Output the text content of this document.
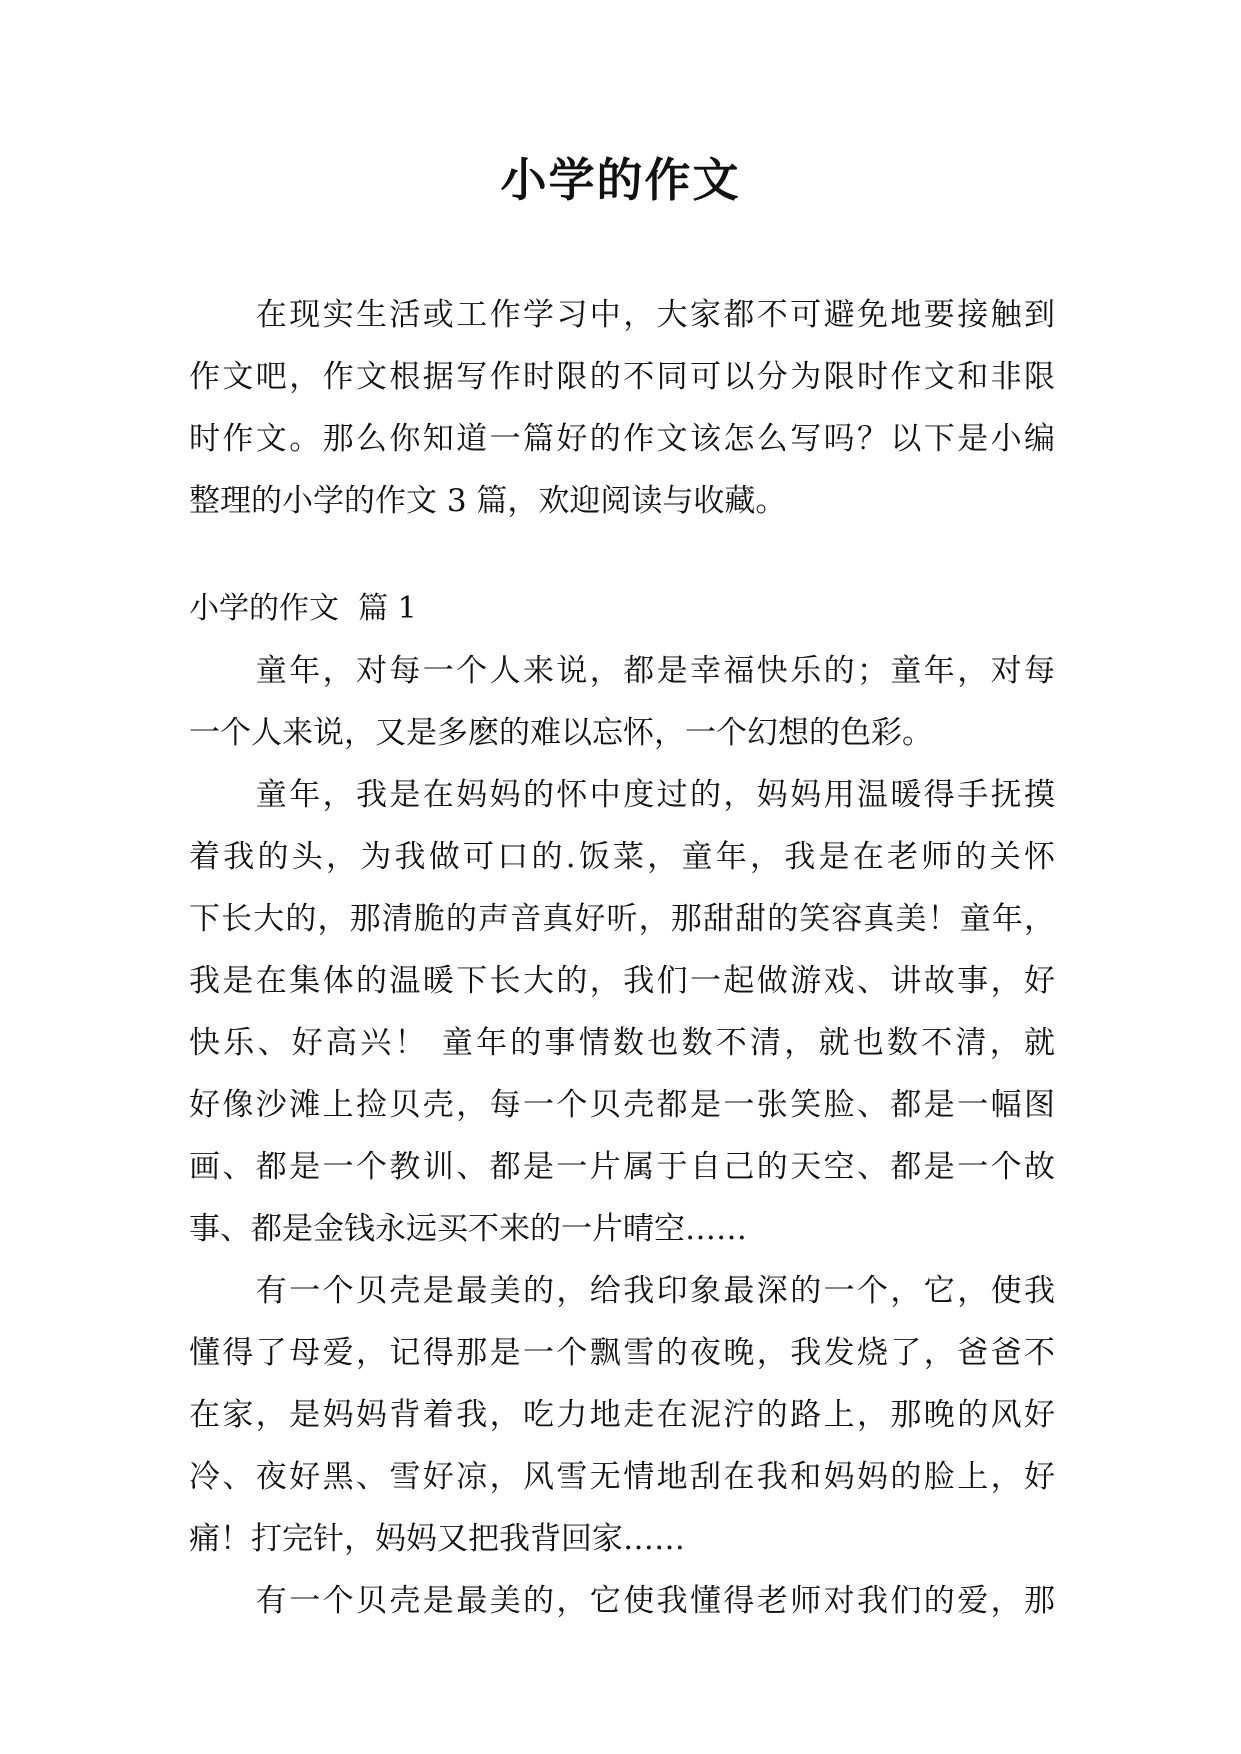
小学的作文
　　在现实生活或工作学习中，大家都不可避免地要接触到
作文吧，作文根据写作时限的不同可以分为限时作文和非限
时作文。那么你知道一篇好的作文该怎么写吗？以下是小编
整理的小学的作文 3 篇，欢迎阅读与收藏。
小学的作文  篇 1
　　童年，对每一个人来说，都是幸福快乐的；童年，对每
一个人来说，又是多麽的难以忘怀，一个幻想的色彩。
　　童年，我是在妈妈的怀中度过的，妈妈用温暖得手抚摸
着我的头，为我做可口的.饭菜，童年，我是在老师的关怀
下长大的，那清脆的声音真好听，那甜甜的笑容真美！童年，
我是在集体的温暖下长大的，我们一起做游戏、讲故事，好
快乐、好高兴！ 童年的事情数也数不清，就也数不清，就
好像沙滩上捡贝壳，每一个贝壳都是一张笑脸、都是一幅图
画、都是一个教训、都是一片属于自己的天空、都是一个故
事、都是金钱永远买不来的一片晴空……
　　有一个贝壳是最美的，给我印象最深的一个，它，使我
懂得了母爱，记得那是一个飘雪的夜晚，我发烧了，爸爸不
在家，是妈妈背着我，吃力地走在泥泞的路上，那晚的风好
冷、夜好黑、雪好凉，风雪无情地刮在我和妈妈的脸上，好
痛！打完针，妈妈又把我背回家……
　　有一个贝壳是最美的，它使我懂得老师对我们的爱，那
